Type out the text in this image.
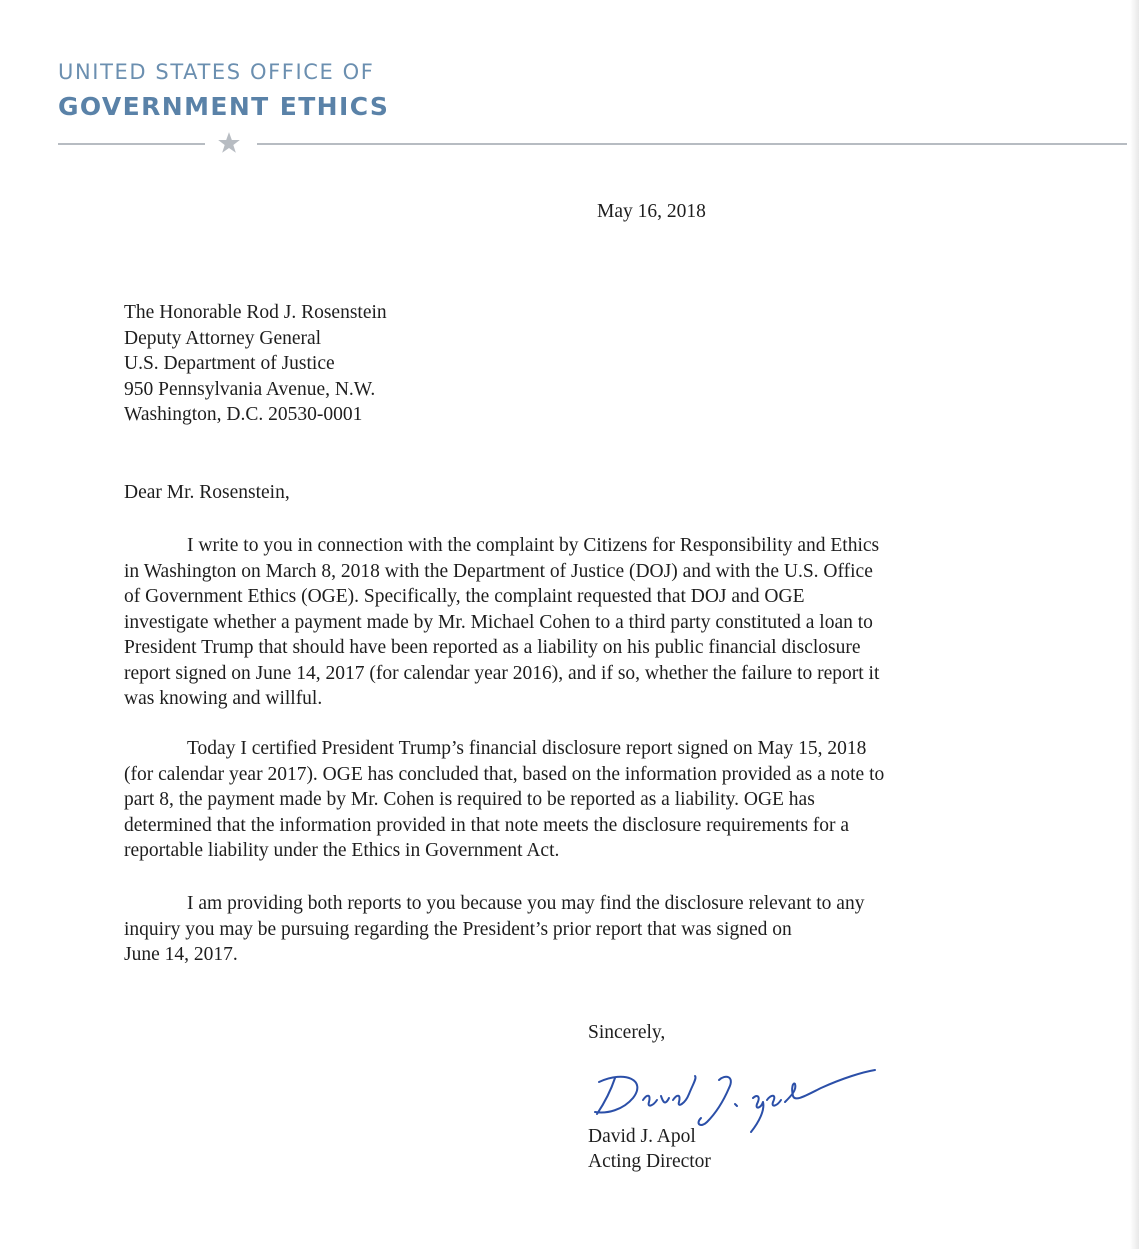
UNITED STATES OFFICE OF
GOVERNMENT ETHICS
May 16, 2018
The Honorable Rod J. Rosenstein
Deputy Attorney General
U.S. Department of Justice
950 Pennsylvania Avenue, N.W.
Washington, D.C. 20530-0001
Dear Mr. Rosenstein,
I write to you in connection with the complaint by Citizens for Responsibility and Ethics
in Washington on March 8, 2018 with the Department of Justice (DOJ) and with the U.S. Office
of Government Ethics (OGE). Specifically, the complaint requested that DOJ and OGE
investigate whether a payment made by Mr. Michael Cohen to a third party constituted a loan to
President Trump that should have been reported as a liability on his public financial disclosure
report signed on June 14, 2017 (for calendar year 2016), and if so, whether the failure to report it
was knowing and willful.
Today I certified President Trump’s financial disclosure report signed on May 15, 2018
(for calendar year 2017). OGE has concluded that, based on the information provided as a note to
part 8, the payment made by Mr. Cohen is required to be reported as a liability. OGE has
determined that the information provided in that note meets the disclosure requirements for a
reportable liability under the Ethics in Government Act.
I am providing both reports to you because you may find the disclosure relevant to any
inquiry you may be pursuing regarding the President’s prior report that was signed on
June 14, 2017.
Sincerely,
David J. Apol
Acting Director
